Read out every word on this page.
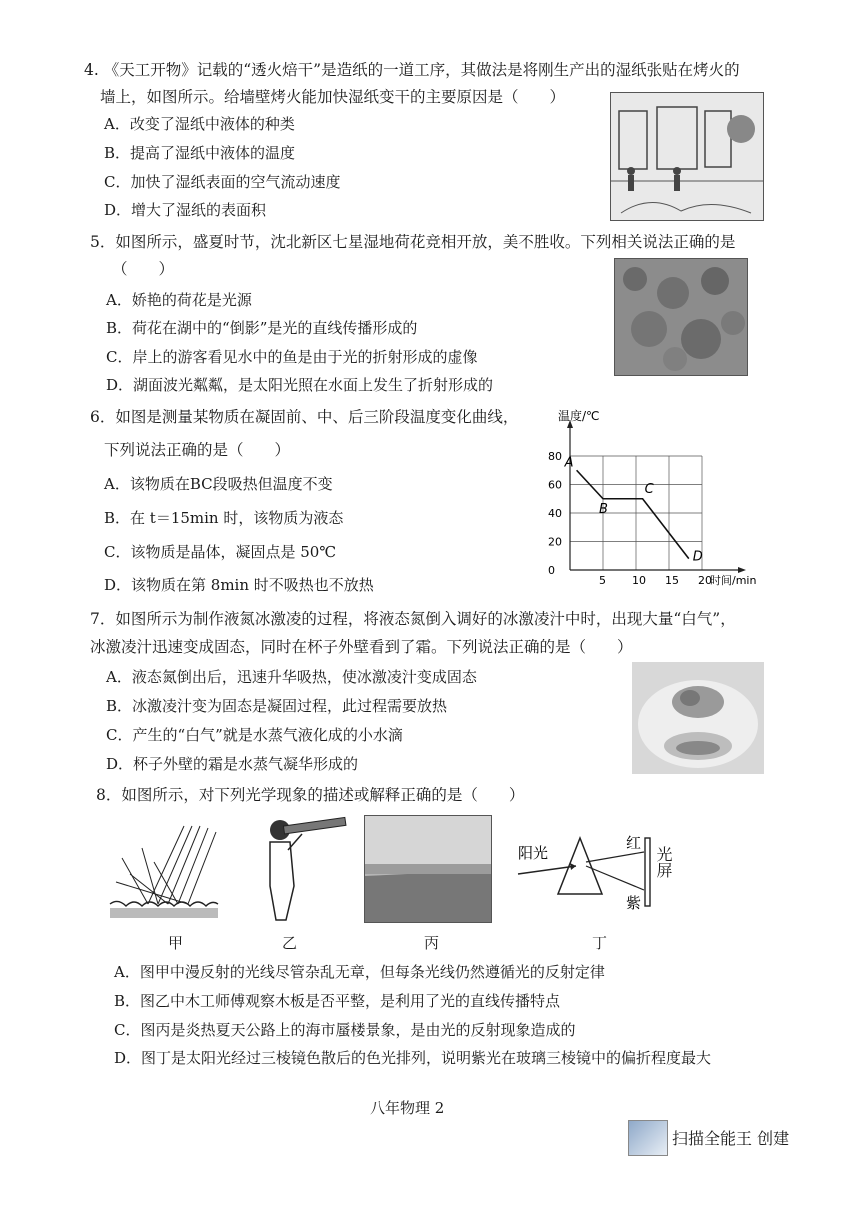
4. 《天工开物》记载的“透火焙干”是造纸的一道工序，其做法是将刚生产出的湿纸张贴在烤火的
墙上，如图所示。给墙壁烤火能加快湿纸变干的主要原因是（　　）
A．改变了湿纸中液体的种类
B．提高了湿纸中液体的温度
C．加快了湿纸表面的空气流动速度
D．增大了湿纸的表面积
5．如图所示，盛夏时节，沈北新区七星湿地荷花竞相开放，美不胜收。下列相关说法正确的是
（　　）
A．娇艳的荷花是光源
B．荷花在湖中的“倒影”是光的直线传播形成的
C．岸上的游客看见水中的鱼是由于光的折射形成的虚像
D．湖面波光粼粼，是太阳光照在水面上发生了折射形成的
6．如图是测量某物质在凝固前、中、后三阶段温度变化曲线，
下列说法正确的是（　　）
A．该物质在BC段吸热但温度不变
B．在 t＝15min 时，该物质为液态
C．该物质是晶体，凝固点是 50℃
D．该物质在第 8min 时不吸热也不放热	5 10 15 20
0
20
40
60
80 A
B
C
D
温度/℃
时间/min
7．如图所示为制作液氮冰激凌的过程，将液态氮倒入调好的冰激凌汁中时，出现大量“白气”，
冰激凌汁迅速变成固态，同时在杯子外壁看到了霜。下列说法正确的是（　　）
A．液态氮倒出后，迅速升华吸热，使冰激凌汁变成固态
B．冰激凌汁变为固态是凝固过程，此过程需要放热
C．产生的“白气”就是水蒸气液化成的小水滴
D．杯子外壁的霜是水蒸气凝华形成的
8．如图所示，对下列光学现象的描述或解释正确的是（　　）
阳光
红
紫
光屏
甲	乙	丙	丁
A．图甲中漫反射的光线尽管杂乱无章，但每条光线仍然遵循光的反射定律
B．图乙中木工师傅观察木板是否平整，是利用了光的直线传播特点
C．图丙是炎热夏天公路上的海市蜃楼景象，是由光的反射现象造成的
D．图丁是太阳光经过三棱镜色散后的色光排列，说明紫光在玻璃三棱镜中的偏折程度最大
八年物理 2
扫描全能王 创建
